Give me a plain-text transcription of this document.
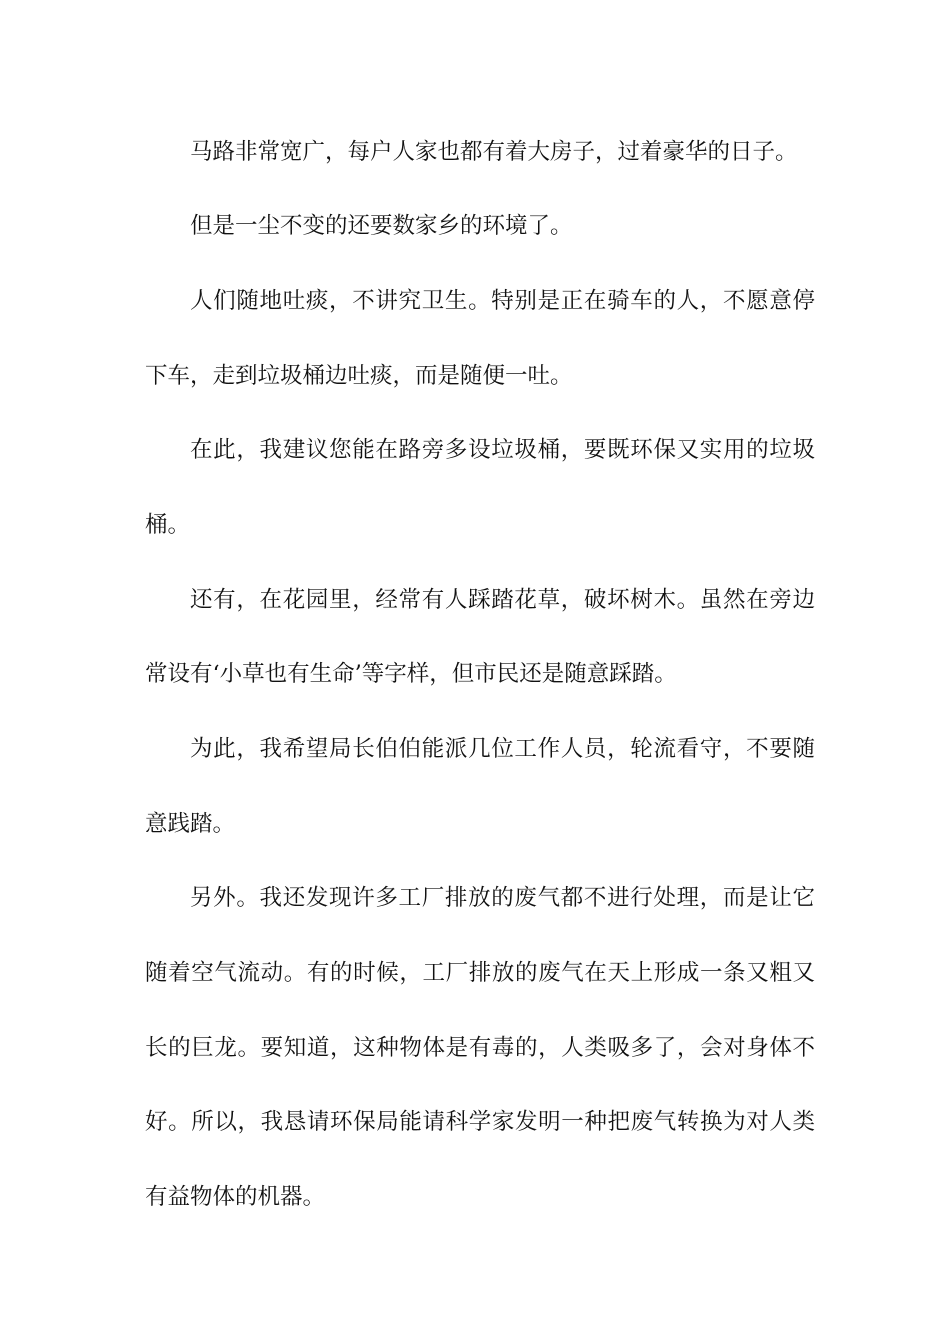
马路非常宽广，每户人家也都有着大房子，过着豪华的日子。
但是一尘不变的还要数家乡的环境了。
人们随地吐痰，不讲究卫生。特别是正在骑车的人，不愿意停
下车，走到垃圾桶边吐痰，而是随便一吐。
在此，我建议您能在路旁多设垃圾桶，要既环保又实用的垃圾
桶。
还有，在花园里，经常有人踩踏花草，破坏树木。虽然在旁边
常设有‘小草也有生命’等字样，但市民还是随意踩踏。
为此，我希望局长伯伯能派几位工作人员，轮流看守，不要随
意践踏。
另外。我还发现许多工厂排放的废气都不进行处理，而是让它
随着空气流动。有的时候，工厂排放的废气在天上形成一条又粗又
长的巨龙。要知道，这种物体是有毒的，人类吸多了，会对身体不
好。所以，我恳请环保局能请科学家发明一种把废气转换为对人类
有益物体的机器。
